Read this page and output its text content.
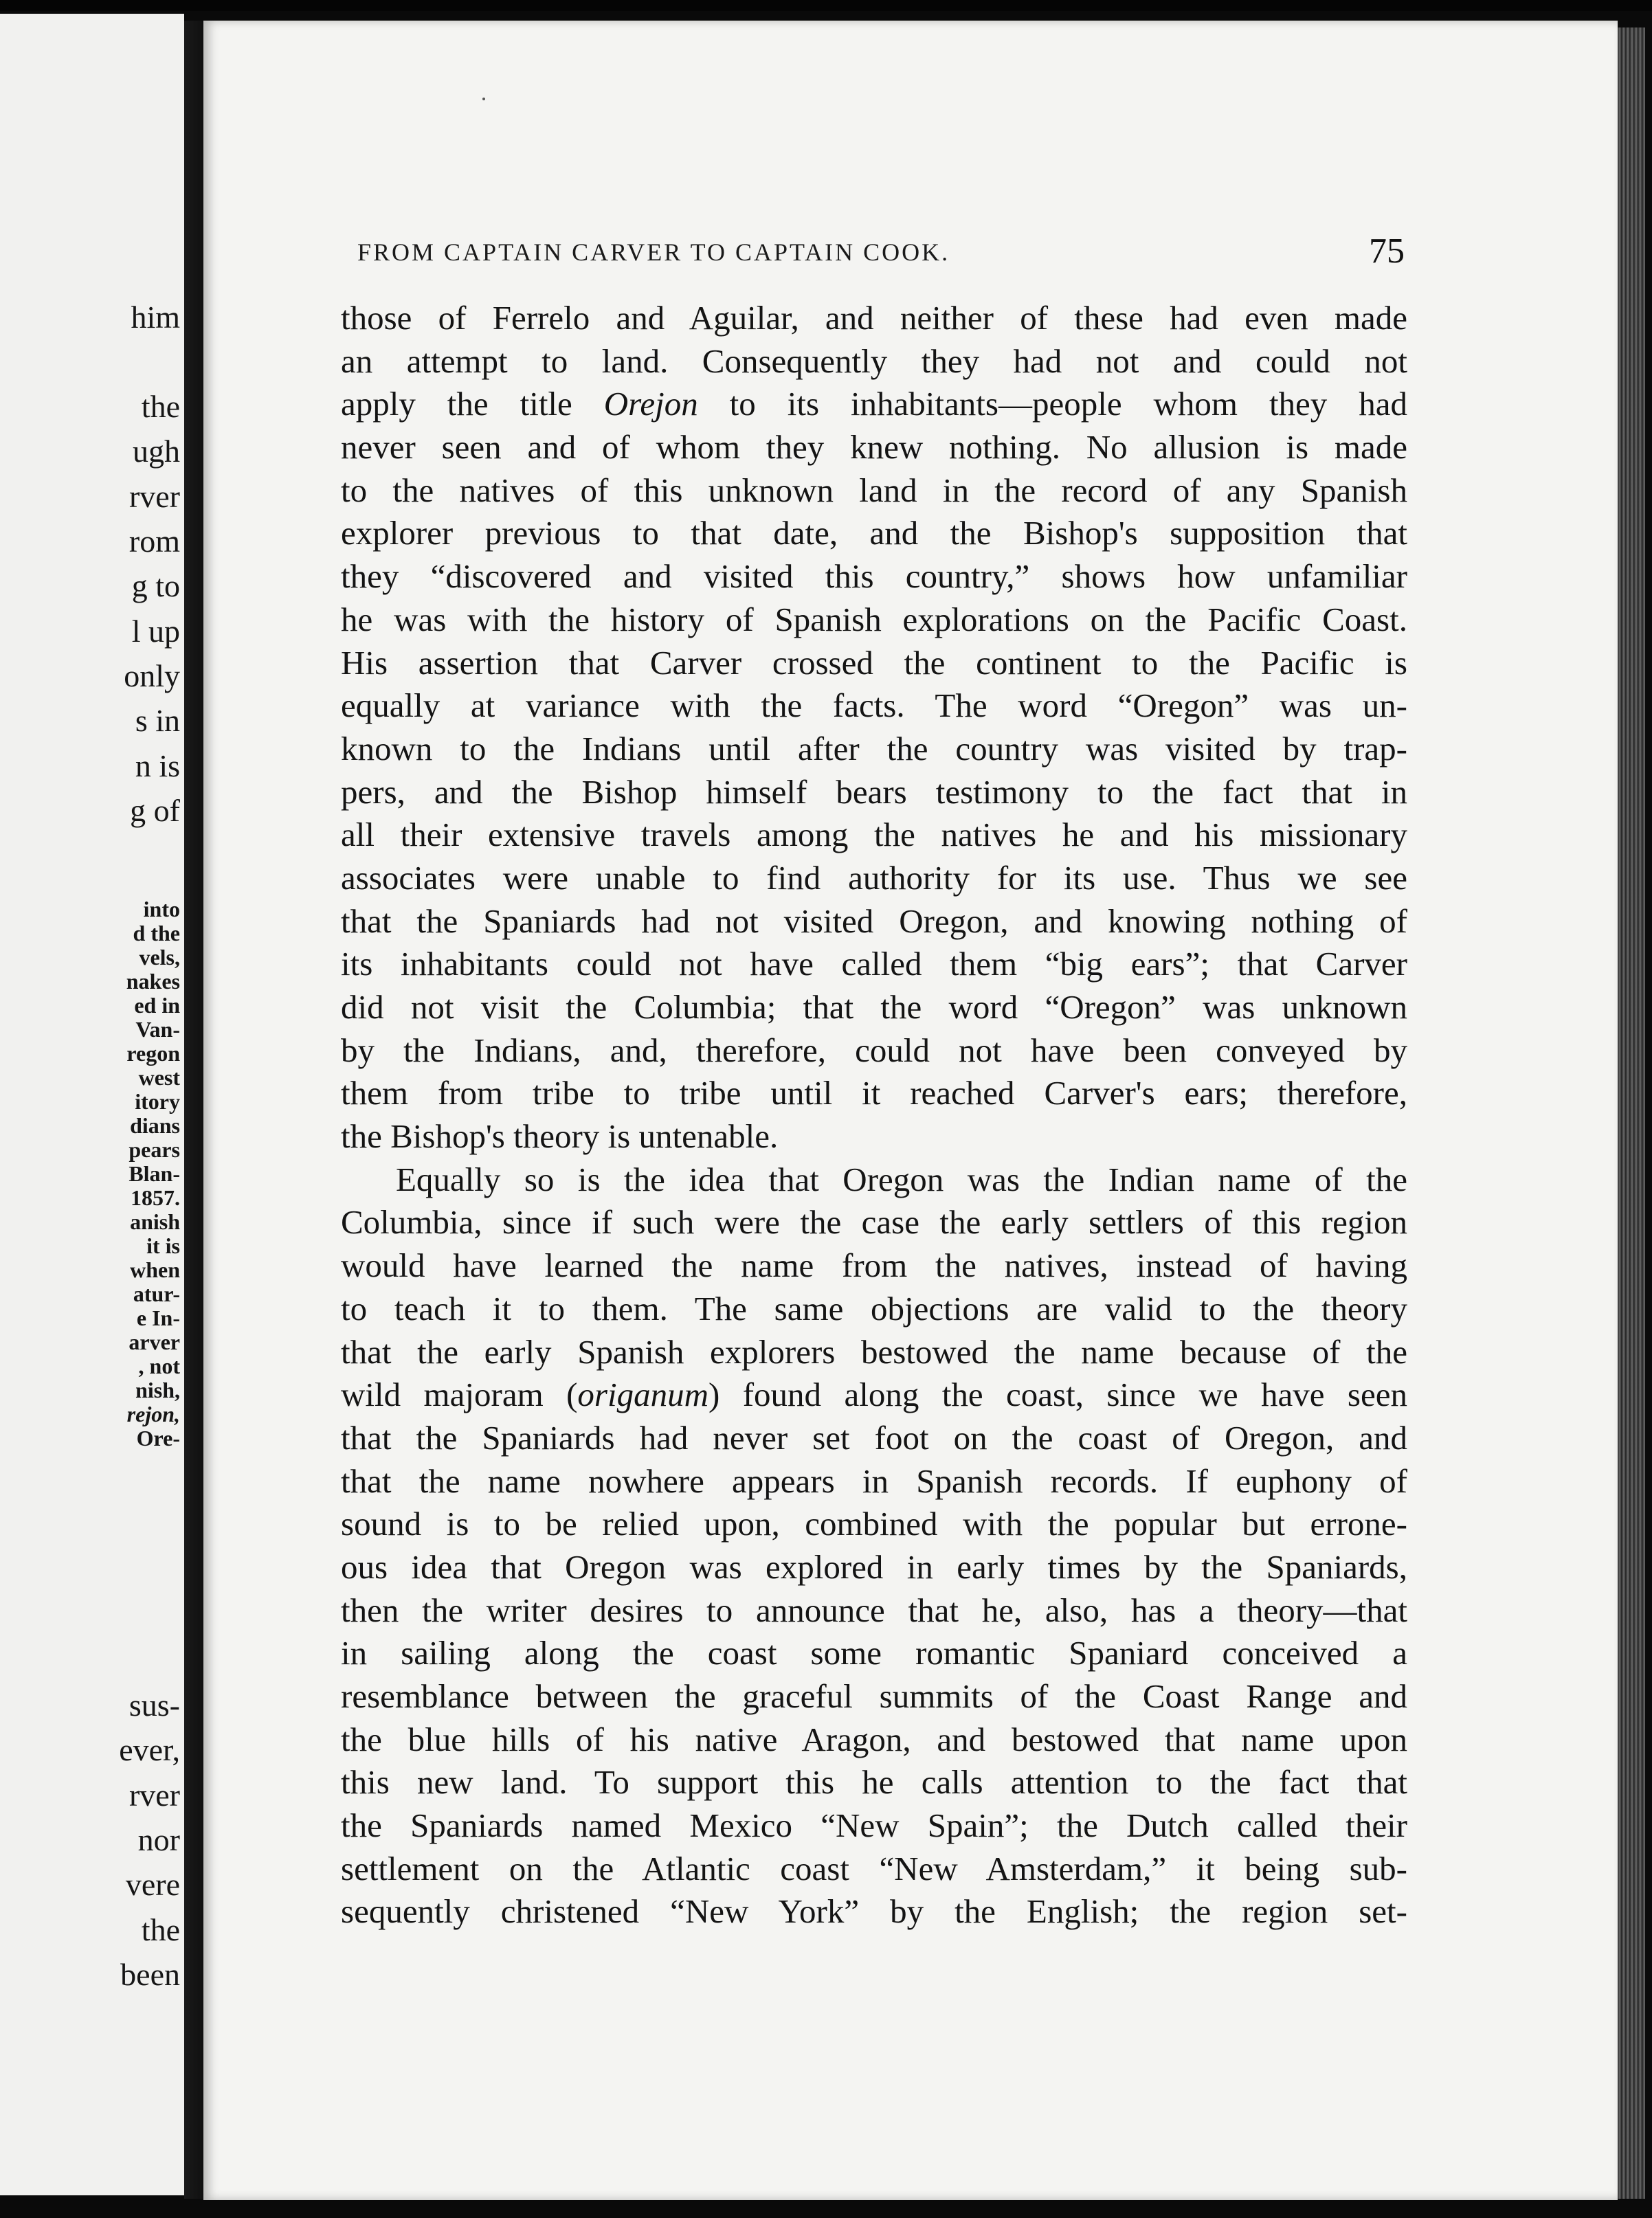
him
the
ugh
rver
rom
g to
l up
only
s in
n is
g of
into
d the
vels,
nakes
ed in
Van-
regon
west
itory
dians
pears
Blan-
1857.
anish
it is
when
atur-
e In-
arver
, not
nish,
rejon,
Ore-
sus-
ever,
rver
nor
vere
the
been
FROM CAPTAIN CARVER TO CAPTAIN COOK.	75
those of Ferrelo and Aguilar, and neither of these had even made
an attempt to land. Consequently they had not and could not
apply the title Orejon to its inhabitants—people whom they had
never seen and of whom they knew nothing. No allusion is made
to the natives of this unknown land in the record of any Spanish
explorer previous to that date, and the Bishop's supposition that
they “discovered and visited this country,” shows how unfamiliar
he was with the history of Spanish explorations on the Pacific Coast.
His assertion that Carver crossed the continent to the Pacific is
equally at variance with the facts. The word “Oregon” was un-
known to the Indians until after the country was visited by trap-
pers, and the Bishop himself bears testimony to the fact that in
all their extensive travels among the natives he and his missionary
associates were unable to find authority for its use. Thus we see
that the Spaniards had not visited Oregon, and knowing nothing of
its inhabitants could not have called them “big ears”; that Carver
did not visit the Columbia; that the word “Oregon” was unknown
by the Indians, and, therefore, could not have been conveyed by
them from tribe to tribe until it reached Carver's ears; therefore,
the Bishop's theory is untenable.
Equally so is the idea that Oregon was the Indian name of the
Columbia, since if such were the case the early settlers of this region
would have learned the name from the natives, instead of having
to teach it to them. The same objections are valid to the theory
that the early Spanish explorers bestowed the name because of the
wild majoram (origanum) found along the coast, since we have seen
that the Spaniards had never set foot on the coast of Oregon, and
that the name nowhere appears in Spanish records. If euphony of
sound is to be relied upon, combined with the popular but errone-
ous idea that Oregon was explored in early times by the Spaniards,
then the writer desires to announce that he, also, has a theory—that
in sailing along the coast some romantic Spaniard conceived a
resemblance between the graceful summits of the Coast Range and
the blue hills of his native Aragon, and bestowed that name upon
this new land. To support this he calls attention to the fact that
the Spaniards named Mexico “New Spain”; the Dutch called their
settlement on the Atlantic coast “New Amsterdam,” it being sub-
sequently christened “New York” by the English; the region set-
